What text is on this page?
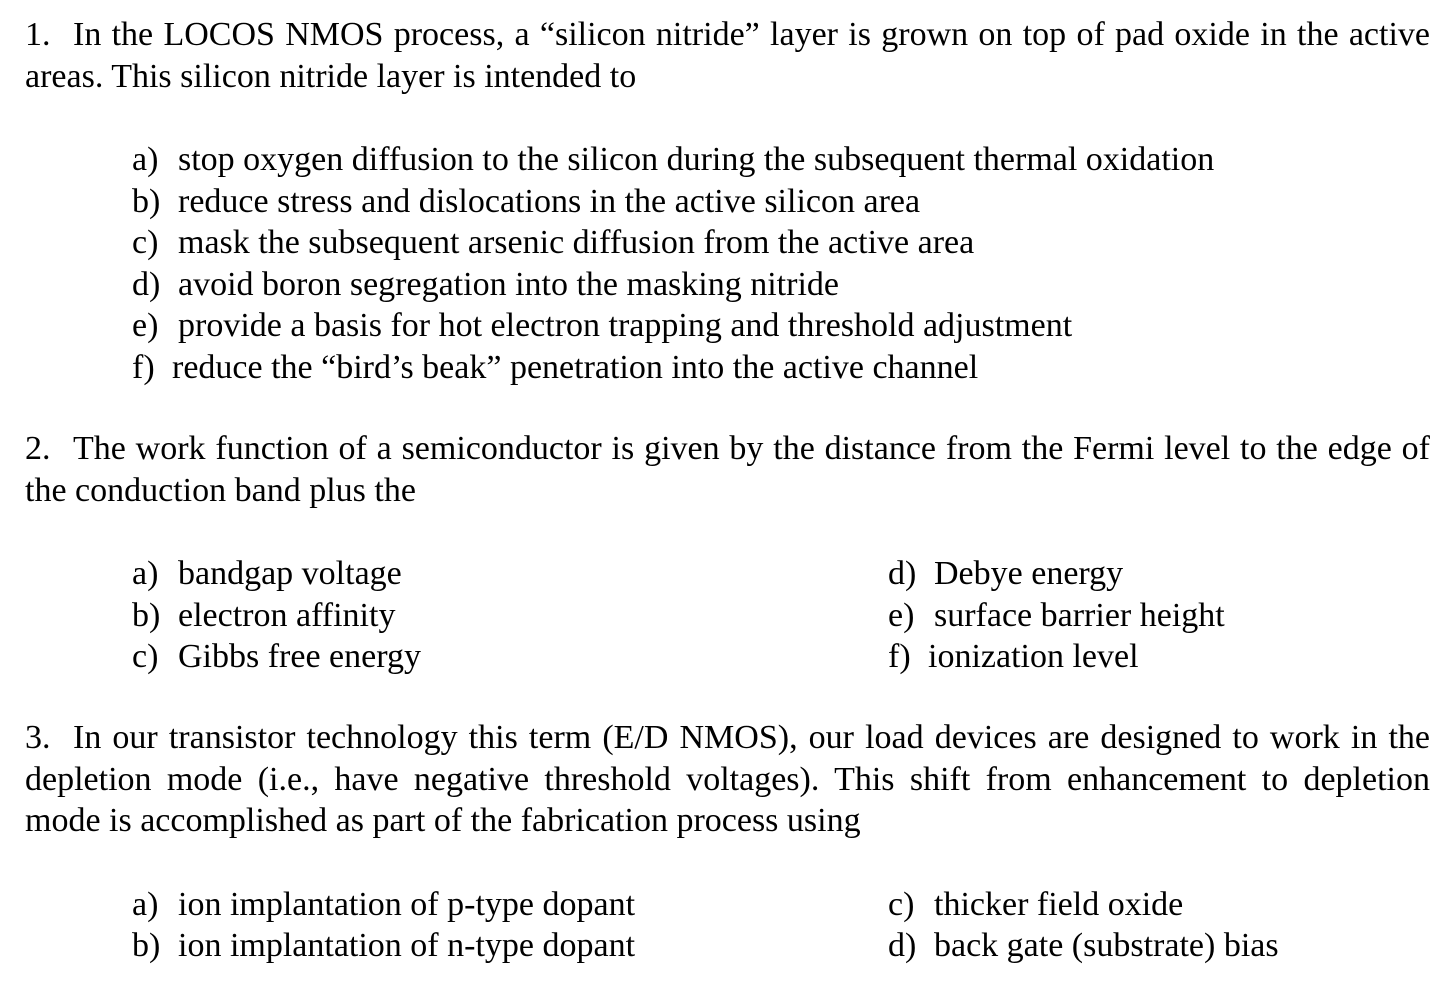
1. In the LOCOS NMOS process, a “silicon nitride” layer is grown on top of pad oxide in the active areas. This silicon nitride layer is intended to
a) stop oxygen diffusion to the silicon during the subsequent thermal oxidation
b) reduce stress and dislocations in the active silicon area
c) mask the subsequent arsenic diffusion from the active area
d) avoid boron segregation into the masking nitride
e) provide a basis for hot electron trapping and threshold adjustment
f) reduce the “bird’s beak” penetration into the active channel
2. The work function of a semiconductor is given by the distance from the Fermi level to the edge of the conduction band plus the
a) bandgap voltage
b) electron affinity
c) Gibbs free energy
d) Debye energy
e) surface barrier height
f) ionization level
3. In our transistor technology this term (E/D NMOS), our load devices are designed to work in the depletion mode (i.e., have negative threshold voltages). This shift from enhancement to depletion mode is accomplished as part of the fabrication process using
a) ion implantation of p-type dopant
b) ion implantation of n-type dopant
c) thicker field oxide
d) back gate (substrate) bias
